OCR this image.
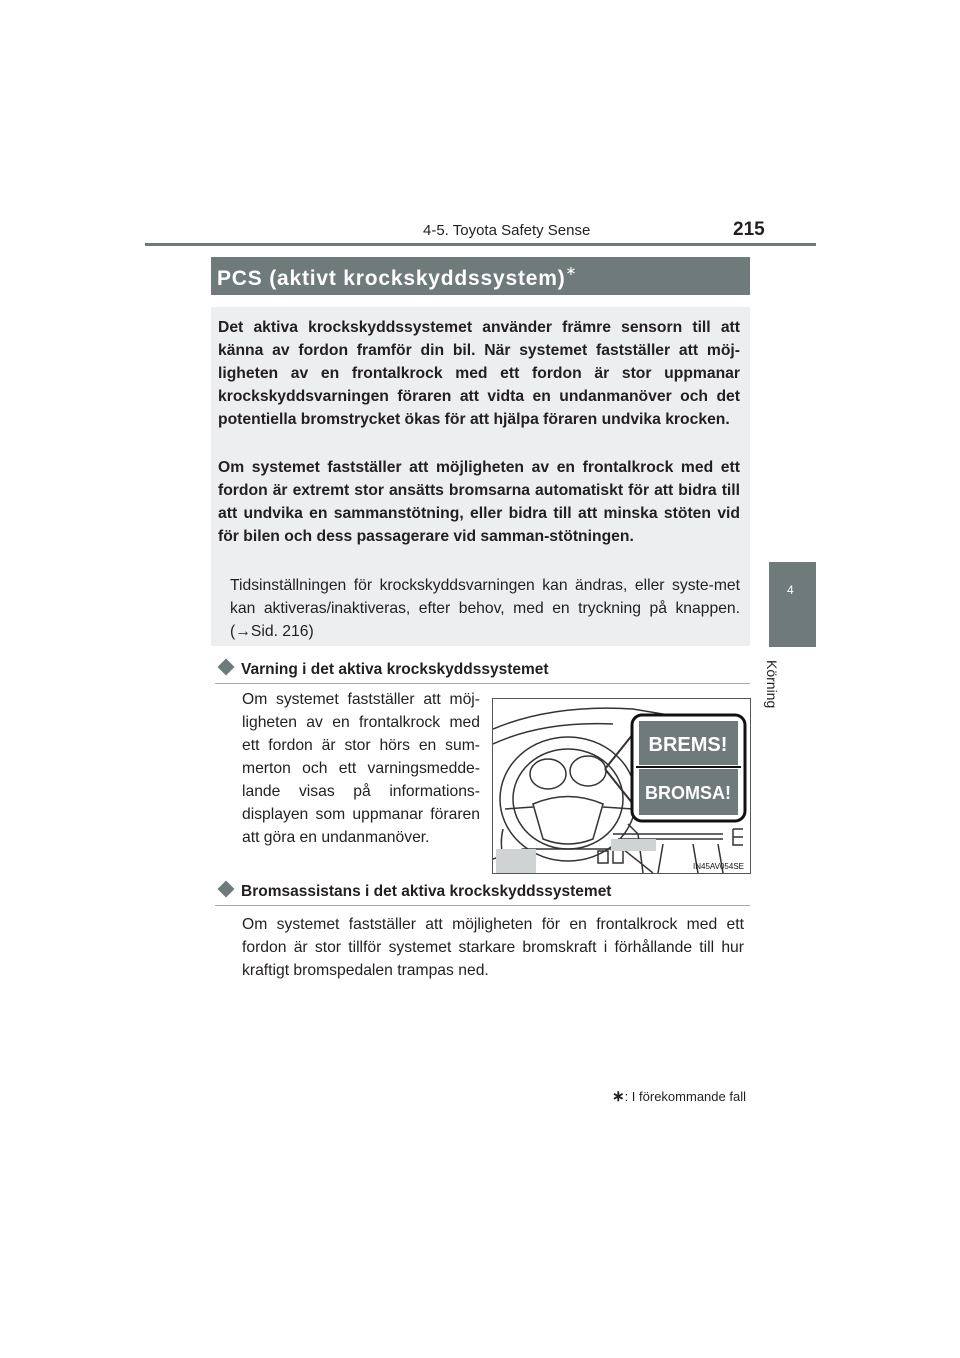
4-5. Toyota Safety Sense	215
4
Körning
PCS (aktivt krockskyddssystem)∗
Det aktiva krockskyddssystemet använder främre sensorn till att känna av fordon framför din bil. När systemet fastställer att möj-ligheten av en frontalkrock med ett fordon är stor uppmanar krockskyddsvarningen föraren att vidta en undanmanöver och det potentiella bromstrycket ökas för att hjälpa föraren undvika krocken.
Om systemet fastställer att möjligheten av en frontalkrock med ett fordon är extremt stor ansätts bromsarna automatiskt för att bidra till att undvika en sammanstötning, eller bidra till att minska stöten vid för bilen och dess passagerare vid samman-stötningen.
Tidsinställningen för krockskyddsvarningen kan ändras, eller syste-met kan aktiveras/inaktiveras, efter behov, med en tryckning på knappen. (→Sid. 216)
Varning i det aktiva krockskyddssystemet
Om systemet fastställer att möj-ligheten av en frontalkrock med ett fordon är stor hörs en sum-merton och ett varningsmedde-lande visas på informations-displayen som uppmanar föraren att göra en undanmanöver.
BREMS!
BROMSA!
IN45AV054SE
Bromsassistans i det aktiva krockskyddssystemet
Om systemet fastställer att möjligheten för en frontalkrock med ett fordon är stor tillför systemet starkare bromskraft i förhållande till hur kraftigt bromspedalen trampas ned.
∗: I förekommande fall
